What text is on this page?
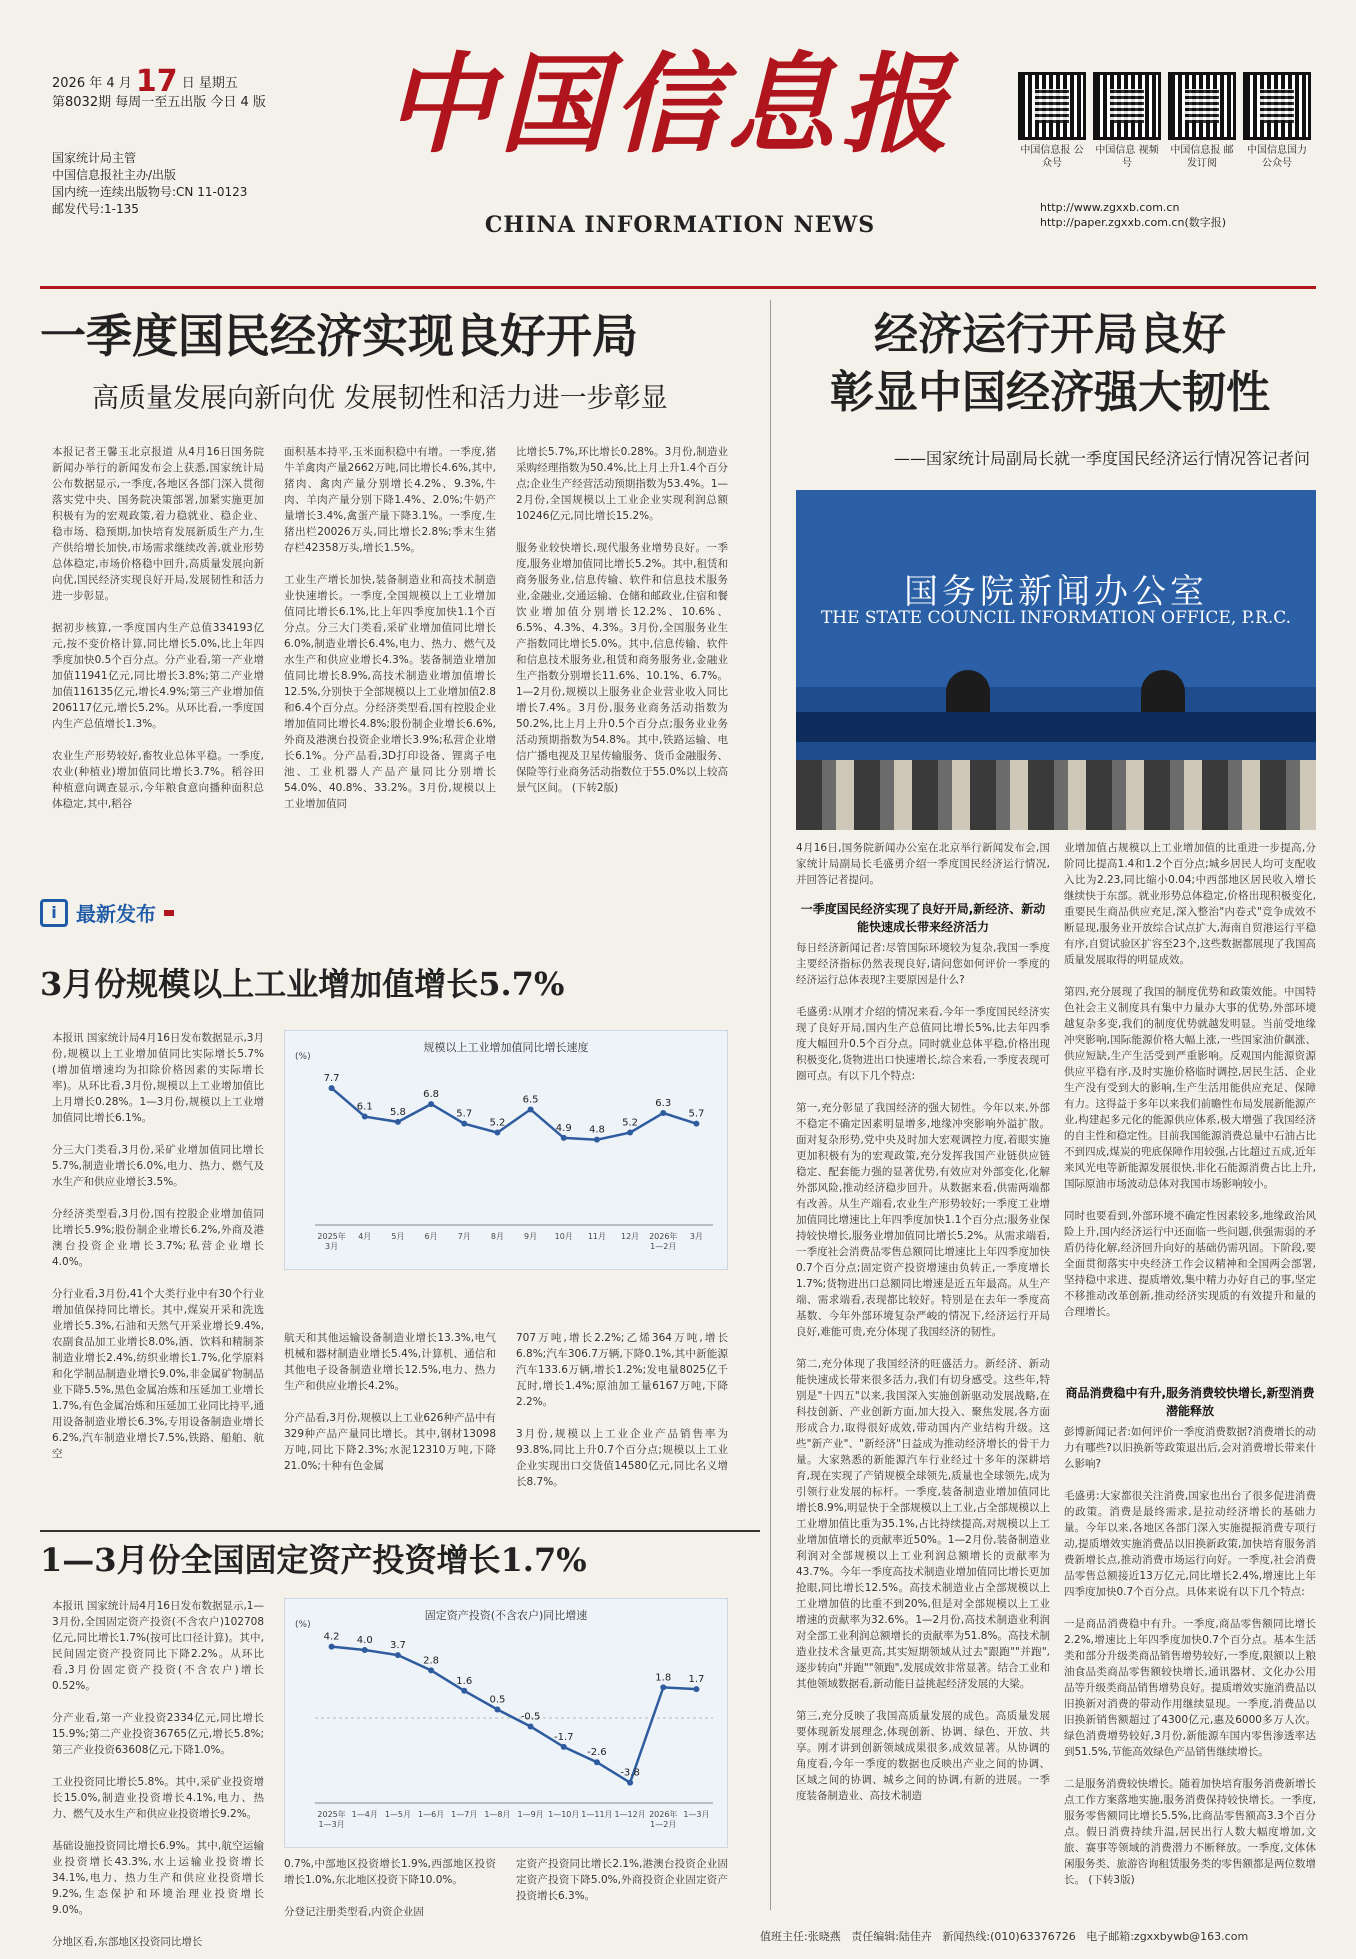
2026 年 4 月 17 日 星期五
第8032期 每周一至五出版 今日 4 版
国家统计局主管
中国信息报社主办/出版
国内统一连续出版物号:CN 11-0123
邮发代号:1-135
中国信息报
CHINA INFORMATION NEWS
中国信息报 公众号
中国信息 视频号
中国信息报 邮发订阅
中国信息国力 公众号
http://www.zgxxb.com.cn
http://paper.zgxxb.com.cn(数字报)
一季度国民经济实现良好开局
高质量发展向新向优 发展韧性和活力进一步彰显
本报记者王馨玉北京报道 从4月16日国务院新闻办举行的新闻发布会上获悉,国家统计局公布数据显示,一季度,各地区各部门深入贯彻落实党中央、国务院决策部署,加紧实施更加积极有为的宏观政策,着力稳就业、稳企业、稳市场、稳预期,加快培育发展新质生产力,生产供给增长加快,市场需求继续改善,就业形势总体稳定,市场价格稳中回升,高质量发展向新向优,国民经济实现良好开局,发展韧性和活力进一步彰显。

据初步核算,一季度国内生产总值334193亿元,按不变价格计算,同比增长5.0%,比上年四季度加快0.5个百分点。分产业看,第一产业增加值11941亿元,同比增长3.8%;第二产业增加值116135亿元,增长4.9%;第三产业增加值206117亿元,增长5.2%。从环比看,一季度国内生产总值增长1.3%。

农业生产形势较好,畜牧业总体平稳。一季度,农业(种植业)增加值同比增长3.7%。稻谷田种植意向调查显示,今年粮食意向播种面积总体稳定,其中,稻谷
面积基本持平,玉米面积稳中有增。一季度,猪牛羊禽肉产量2662万吨,同比增长4.6%,其中,猪肉、禽肉产量分别增长4.2%、9.3%,牛肉、羊肉产量分别下降1.4%、2.0%;牛奶产量增长3.4%,禽蛋产量下降3.1%。一季度,生猪出栏20026万头,同比增长2.8%;季末生猪存栏42358万头,增长1.5%。

工业生产增长加快,装备制造业和高技术制造业快速增长。一季度,全国规模以上工业增加值同比增长6.1%,比上年四季度加快1.1个百分点。分三大门类看,采矿业增加值同比增长6.0%,制造业增长6.4%,电力、热力、燃气及水生产和供应业增长4.3%。装备制造业增加值同比增长8.9%,高技术制造业增加值增长12.5%,分别快于全部规模以上工业增加值2.8和6.4个百分点。分经济类型看,国有控股企业增加值同比增长4.8%;股份制企业增长6.6%,外商及港澳台投资企业增长3.9%;私营企业增长6.1%。分产品看,3D打印设备、锂离子电池、工业机器人产品产量同比分别增长54.0%、40.8%、33.2%。3月份,规模以上工业增加值同
比增长5.7%,环比增长0.28%。3月份,制造业采购经理指数为50.4%,比上月上升1.4个百分点;企业生产经营活动预期指数为53.4%。1—2月份,全国规模以上工业企业实现利润总额10246亿元,同比增长15.2%。

服务业较快增长,现代服务业增势良好。一季度,服务业增加值同比增长5.2%。其中,租赁和商务服务业,信息传输、软件和信息技术服务业,金融业,交通运输、仓储和邮政业,住宿和餐饮业增加值分别增长12.2%、10.6%、6.5%、4.3%、4.3%。3月份,全国服务业生产指数同比增长5.0%。其中,信息传输、软件和信息技术服务业,租赁和商务服务业,金融业生产指数分别增长11.6%、10.1%、6.7%。1—2月份,规模以上服务业企业营业收入同比增长7.4%。3月份,服务业商务活动指数为50.2%,比上月上升0.5个百分点;服务业业务活动预期指数为54.8%。其中,铁路运输、电信广播电视及卫星传输服务、货币金融服务、保险等行业商务活动指数位于55.0%以上较高景气区间。 (下转2版)
经济运行开局良好
彰显中国经济强大韧性
——国家统计局副局长就一季度国民经济运行情况答记者问
国务院新闻办公室
THE STATE COUNCIL INFORMATION OFFICE, P.R.C.
4月16日,国务院新闻办公室在北京举行新闻发布会,国家统计局副局长毛盛勇介绍一季度国民经济运行情况,并回答记者提问。
一季度国民经济实现了良好开局,新经济、新动能快速成长带来经济活力
每日经济新闻记者:尽管国际环境较为复杂,我国一季度主要经济指标仍然表现良好,请问您如何评价一季度的经济运行总体表现?主要原因是什么?

毛盛勇:从刚才介绍的情况来看,今年一季度国民经济实现了良好开局,国内生产总值同比增长5%,比去年四季度大幅回升0.5个百分点。同时就业总体平稳,价格出现积极变化,货物进出口快速增长,综合来看,一季度表现可圈可点。有以下几个特点:

第一,充分彰显了我国经济的强大韧性。今年以来,外部不稳定不确定因素明显增多,地缘冲突影响外溢扩散。面对复杂形势,党中央及时加大宏观调控力度,着眼实施更加积极有为的宏观政策,充分发挥我国产业链供应链稳定、配套能力强的显著优势,有效应对外部变化,化解外部风险,推动经济稳步回升。从数据来看,供需两端都有改善。从生产端看,农业生产形势较好;一季度工业增加值同比增速比上年四季度加快1.1个百分点;服务业保持较快增长,服务业增加值同比增长5.2%。从需求端看,一季度社会消费品零售总额同比增速比上年四季度加快0.7个百分点;固定资产投资增速由负转正,一季度增长1.7%;货物进出口总额同比增速是近五年最高。从生产端、需求端看,表现都比较好。特别是在去年一季度高基数、今年外部环境复杂严峻的情况下,经济运行开局良好,难能可贵,充分体现了我国经济的韧性。

第二,充分体现了我国经济的旺盛活力。新经济、新动能快速成长带来很多活力,我们有切身感受。这些年,特别是"十四五"以来,我国深入实施创新驱动发展战略,在科技创新、产业创新方面,加大投入、聚焦发展,各方面形成合力,取得很好成效,带动国内产业结构升级。这些"新产业"、"新经济"日益成为推动经济增长的骨干力量。大家熟悉的新能源汽车行业经过十多年的深耕培育,现在实现了产销规模全球领先,质量也全球领先,成为引领行业发展的标杆。一季度,装备制造业增加值同比增长8.9%,明显快于全部规模以上工业,占全部规模以上工业增加值比重为35.1%,占比持续提高,对规模以上工业增加值增长的贡献率近50%。1—2月份,装备制造业利润对全部规模以上工业利润总额增长的贡献率为43.7%。今年一季度高技术制造业增加值同比增长更加抢眼,同比增长12.5%。高技术制造业占全部规模以上工业增加值的比重不到20%,但是对全部规模以上工业增速的贡献率为32.6%。1—2月份,高技术制造业利润对全部工业利润总额增长的贡献率为51.8%。高技术制造业技术含量更高,其实短期领域从过去"跟跑""并跑",逐步转向"并跑""领跑",发展成效非常显著。结合工业和其他领域数据看,新动能日益挑起经济发展的大梁。

第三,充分反映了我国高质量发展的成色。高质量发展要体现新发展理念,体现创新、协调、绿色、开放、共享。刚才讲到创新领域成果很多,成效显著。从协调的角度看,今年一季度的数据也反映出产业之间的协调、区域之间的协调、城乡之间的协调,有新的进展。一季度装备制造业、高技术制造
业增加值占规模以上工业增加值的比重进一步提高,分阶同比提高1.4和1.2个百分点;城乡居民人均可支配收入比为2.23,同比缩小0.04;中西部地区居民收入增长继续快于东部。就业形势总体稳定,价格出现积极变化,重要民生商品供应充足,深入整治"内卷式"竞争成效不断显现,服务业开放综合试点扩大,海南自贸港运行平稳有序,自贸试验区扩容至23个,这些数据都展现了我国高质量发展取得的明显成效。

第四,充分展现了我国的制度优势和政策效能。中国特色社会主义制度具有集中力量办大事的优势,外部环境越复杂多变,我们的制度优势就越发明显。当前受地缘冲突影响,国际能源价格大幅上涨,一些国家油价飙涨、供应短缺,生产生活受到严重影响。反观国内能源资源供应平稳有序,及时实施价格临时调控,居民生活、企业生产没有受到大的影响,生产生活用能供应充足、保障有力。这得益于多年以来我们前瞻性布局发展新能源产业,构建起多元化的能源供应体系,极大增强了我国经济的自主性和稳定性。目前我国能源消费总量中石油占比不到四成,煤炭的兜底保障作用较强,占比超过五成,近年来风光电等新能源发展很快,非化石能源消费占比上升,国际原油市场波动总体对我国市场影响较小。

同时也要看到,外部环境不确定性因素较多,地缘政治风险上升,国内经济运行中还面临一些问题,供强需弱的矛盾仍待化解,经济回升向好的基础仍需巩固。下阶段,要全面贯彻落实中央经济工作会议精神和全国两会部署,坚持稳中求进、提质增效,集中精力办好自己的事,坚定不移推动改革创新,推动经济实现质的有效提升和量的合理增长。
商品消费稳中有升,服务消费较快增长,新型消费潜能释放
彭博新闻记者:如何评价一季度消费数据?消费增长的动力有哪些?以旧换新等政策退出后,会对消费增长带来什么影响?

毛盛勇:大家都很关注消费,国家也出台了很多促进消费的政策。消费是最终需求,是拉动经济增长的基础力量。今年以来,各地区各部门深入实施提振消费专项行动,提质增效实施消费品以旧换新政策,加快培育服务消费新增长点,推动消费市场运行向好。一季度,社会消费品零售总额接近13万亿元,同比增长2.4%,增速比上年四季度加快0.7个百分点。具体来说有以下几个特点:

一是商品消费稳中有升。一季度,商品零售额同比增长2.2%,增速比上年四季度加快0.7个百分点。基本生活类和部分升级类商品销售增势较好,一季度,限额以上粮油食品类商品零售额较快增长,通讯器材、文化办公用品等升级类商品销售增势良好。提质增效实施消费品以旧换新对消费的带动作用继续显现。一季度,消费品以旧换新销售额超过了4300亿元,惠及6000多万人次。绿色消费增势较好,3月份,新能源车国内零售渗透率达到51.5%,节能高效绿色产品销售继续增长。

二是服务消费较快增长。随着加快培育服务消费新增长点工作方案落地实施,服务消费保持较快增长。一季度,服务零售额同比增长5.5%,比商品零售额高3.3个百分点。假日消费持续升温,居民出行人数大幅度增加,文旅、赛事等领域的消费潜力不断释放。一季度,文体休闲服务类、旅游咨询租赁服务类的零售额都是两位数增长。 (下转3版)
i 最新发布
3月份规模以上工业增加值增长5.7%
本报讯 国家统计局4月16日发布数据显示,3月份,规模以上工业增加值同比实际增长5.7%(增加值增速均为扣除价格因素的实际增长率)。从环比看,3月份,规模以上工业增加值比上月增长0.28%。1—3月份,规模以上工业增加值同比增长6.1%。

分三大门类看,3月份,采矿业增加值同比增长5.7%,制造业增长6.0%,电力、热力、燃气及水生产和供应业增长3.5%。

分经济类型看,3月份,国有控股企业增加值同比增长5.9%;股份制企业增长6.2%,外商及港澳台投资企业增长3.7%;私营企业增长4.0%。

分行业看,3月份,41个大类行业中有30个行业增加值保持同比增长。其中,煤炭开采和洗选业增长5.3%,石油和天然气开采业增长9.4%,农副食品加工业增长8.0%,酒、饮料和精制茶制造业增长2.4%,纺织业增长1.7%,化学原料和化学制品制造业增长9.0%,非金属矿物制品业下降5.5%,黑色金属冶炼和压延加工业增长1.7%,有色金属冶炼和压延加工业同比持平,通用设备制造业增长6.3%,专用设备制造业增长6.2%,汽车制造业增长7.5%,铁路、船舶、航空
规模以上工业增加值同比增长速度
(%)
7.7
2025年 3月
6.1
4月
5.8
5月
6.8
6月
5.7
7月
5.2
8月
6.5
9月
4.9
10月
4.8
11月
5.2
12月
6.3
2026年 1—2月
5.7
3月
航天和其他运输设备制造业增长13.3%,电气机械和器材制造业增长5.4%,计算机、通信和其他电子设备制造业增长12.5%,电力、热力生产和供应业增长4.2%。

分产品看,3月份,规模以上工业626种产品中有329种产品产量同比增长。其中,钢材13098万吨,同比下降2.3%;水泥12310万吨,下降21.0%;十种有色金属
707万吨,增长2.2%;乙烯364万吨,增长6.8%;汽车306.7万辆,下降0.1%,其中新能源汽车133.6万辆,增长1.2%;发电量8025亿千瓦时,增长1.4%;原油加工量6167万吨,下降2.2%。

3月份,规模以上工业企业产品销售率为93.8%,同比上升0.7个百分点;规模以上工业企业实现出口交货值14580亿元,同比名义增长8.7%。
1—3月份全国固定资产投资增长1.7%
本报讯 国家统计局4月16日发布数据显示,1—3月份,全国固定资产投资(不含农户)102708亿元,同比增长1.7%(按可比口径计算)。其中,民间固定资产投资同比下降2.2%。从环比看,3月份固定资产投资(不含农户)增长0.52%。

分产业看,第一产业投资2334亿元,同比增长15.9%;第二产业投资36765亿元,增长5.8%;第三产业投资63608亿元,下降1.0%。

工业投资同比增长5.8%。其中,采矿业投资增长15.0%,制造业投资增长4.1%,电力、热力、燃气及水生产和供应业投资增长9.2%。

基础设施投资同比增长6.9%。其中,航空运输业投资增长43.3%,水上运输业投资增长34.1%,电力、热力生产和供应业投资增长9.2%,生态保护和环境治理业投资增长9.0%。

分地区看,东部地区投资同比增长
固定资产投资(不含农户)同比增速
(%)
4.2
2025年 1—3月
4.0
1—4月
3.7
1—5月
2.8
1—6月
1.6
1—7月
0.5
1—8月
-0.5
1—9月
-1.7
1—10月
-2.6
1—11月
-3.8
1—12月
1.8
2026年 1—2月
1.7
1—3月
0.7%,中部地区投资增长1.9%,西部地区投资增长1.0%,东北地区投资下降10.0%。

分登记注册类型看,内资企业固
定资产投资同比增长2.1%,港澳台投资企业固定资产投资下降5.0%,外商投资企业固定资产投资增长6.3%。
值班主任:张晓燕 责任编辑:陆佳卉 新闻热线:(010)63376726 电子邮箱:zgxxbywb@163.com
